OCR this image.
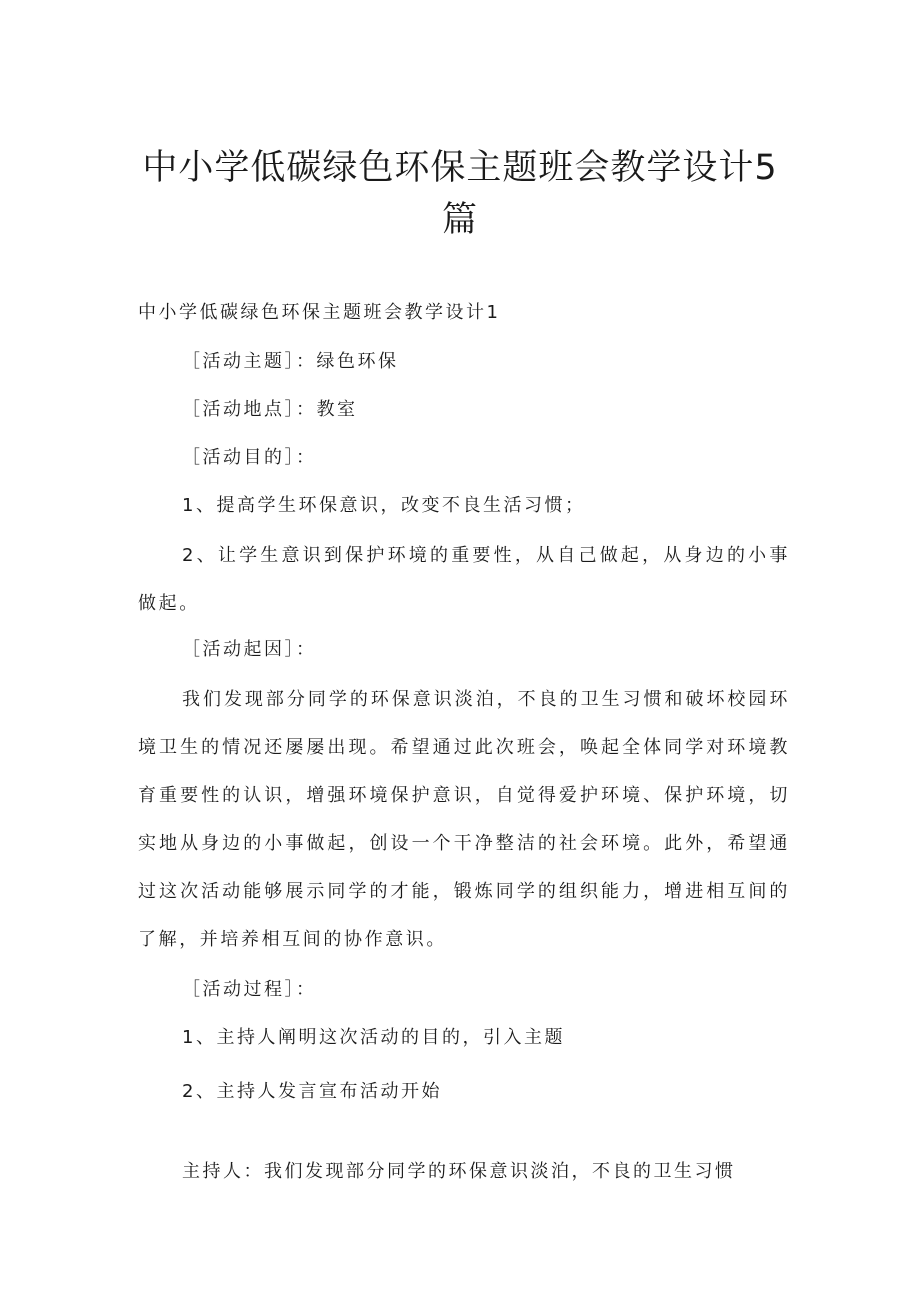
中小学低碳绿色环保主题班会教学设计5篇

中小学低碳绿色环保主题班会教学设计1

［活动主题］：绿色环保

［活动地点］：教室

［活动目的］：

1、提高学生环保意识，改变不良生活习惯；

2、让学生意识到保护环境的重要性，从自己做起，从身边的小事做起。

［活动起因］：

我们发现部分同学的环保意识淡泊，不良的卫生习惯和破坏校园环境卫生的情况还屡屡出现。希望通过此次班会，唤起全体同学对环境教育重要性的认识，增强环境保护意识，自觉得爱护环境、保护环境，切实地从身边的小事做起，创设一个干净整洁的社会环境。此外，希望通过这次活动能够展示同学的才能，锻炼同学的组织能力，增进相互间的了解，并培养相互间的协作意识。

［活动过程］：

1、主持人阐明这次活动的目的，引入主题

2、主持人发言宣布活动开始

主持人：我们发现部分同学的环保意识淡泊，不良的卫生习惯
